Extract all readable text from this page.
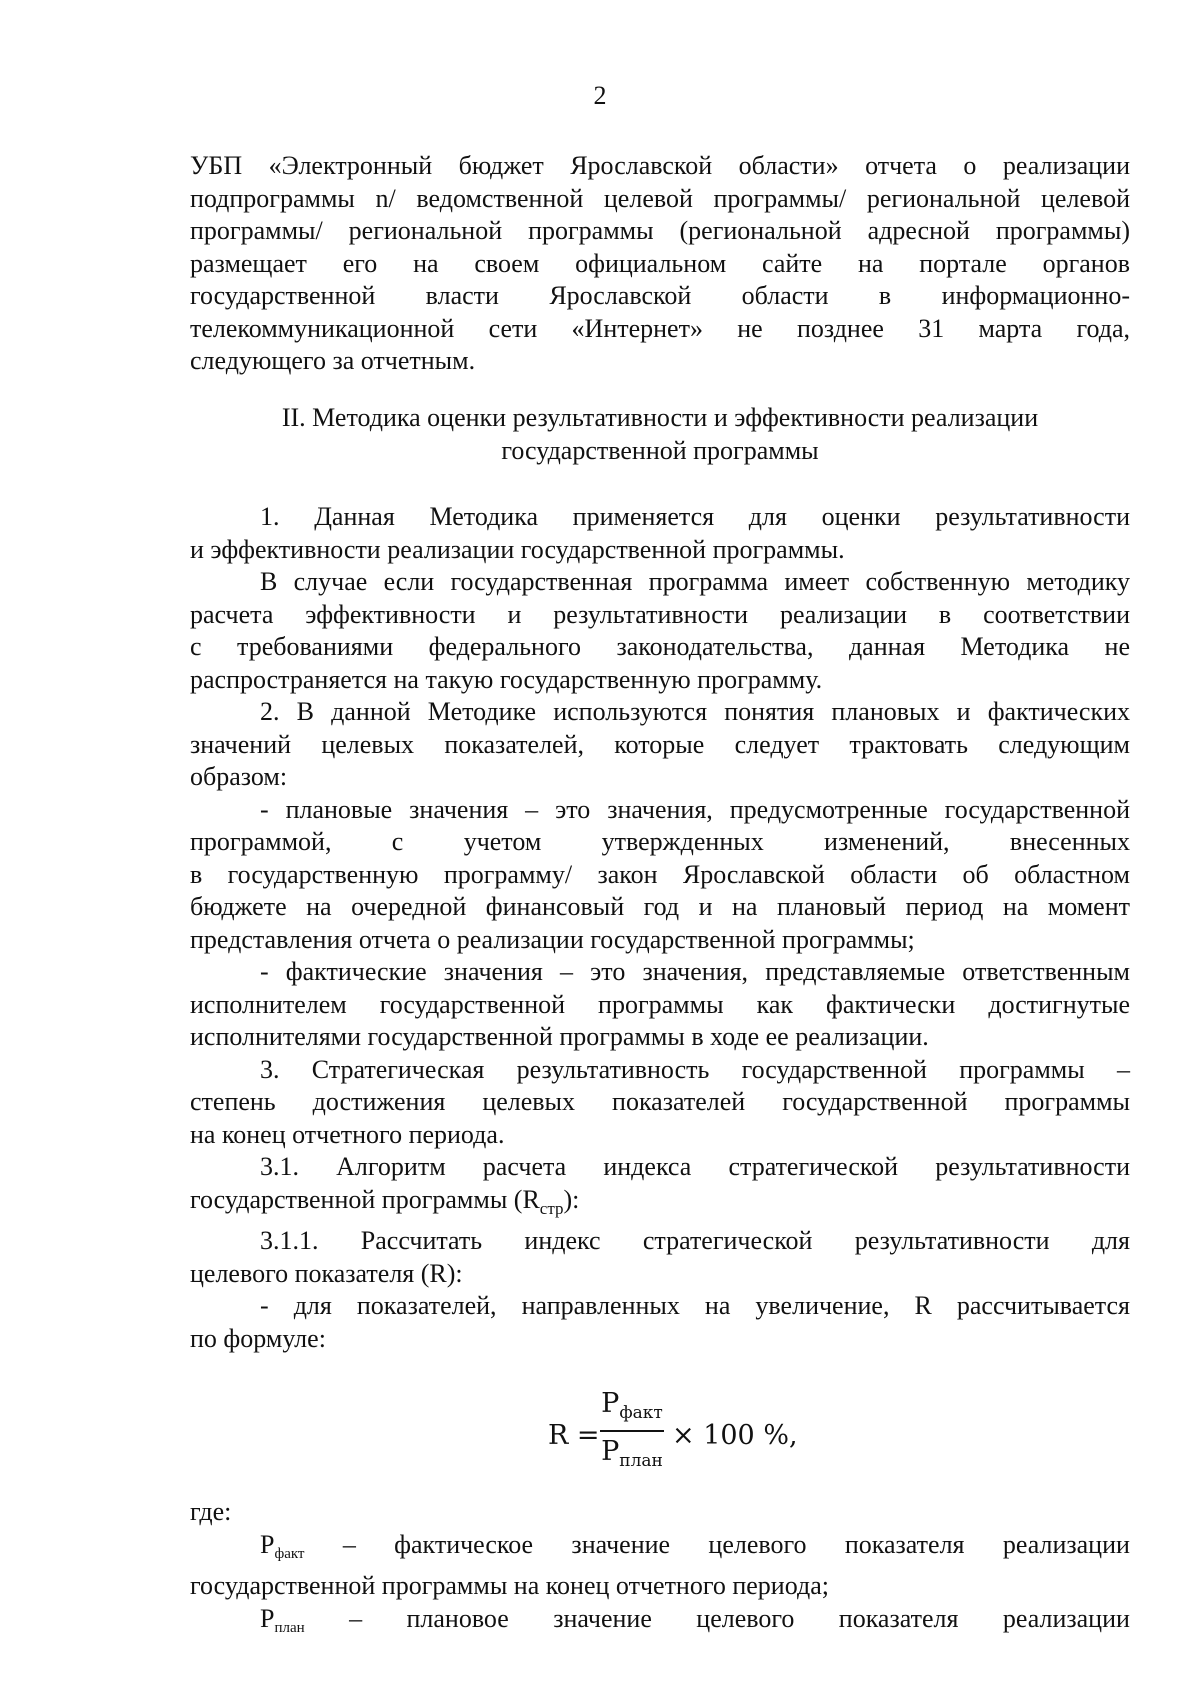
2
УБП «Электронный бюджет Ярославской области» отчета о реализации
подпрограммы n/ ведомственной целевой программы/ региональной целевой
программы/ региональной программы (региональной адресной программы)
размещает его на своем официальном сайте на портале органов
государственной власти Ярославской области в информационно-
телекоммуникационной сети «Интернет» не позднее 31 марта года,
следующего за отчетным.
II. Методика оценки результативности и эффективности реализации
государственной программы
1. Данная Методика применяется для оценки результативности
и эффективности реализации государственной программы.
В случае если государственная программа имеет собственную методику
расчета эффективности и результативности реализации в соответствии
с требованиями федерального законодательства, данная Методика не
распространяется на такую государственную программу.
2. В данной Методике используются понятия плановых и фактических
значений целевых показателей, которые следует трактовать следующим
образом:
- плановые значения – это значения, предусмотренные государственной
программой, с учетом утвержденных изменений, внесенных
в государственную программу/ закон Ярославской области об областном
бюджете на очередной финансовый год и на плановый период на момент
представления отчета о реализации государственной программы;
- фактические значения – это значения, представляемые ответственным
исполнителем государственной программы как фактически достигнутые
исполнителями государственной программы в ходе ее реализации.
3. Стратегическая результативность государственной программы –
степень достижения целевых показателей государственной программы
на конец отчетного периода.
3.1. Алгоритм расчета индекса стратегической результативности
государственной программы $(R_{стр})$:
3.1.1. Рассчитать индекс стратегической результативности для
целевого показателя (R):
- для показателей, направленных на увеличение, R рассчитывается
по формуле:
R =
$P_{факт}$
$P_{план}$
× 100 %,
где:
Pфакт – фактическое значение целевого показателя реализации
государственной программы на конец отчетного периода;
Pплан – плановое значение целевого показателя реализации
